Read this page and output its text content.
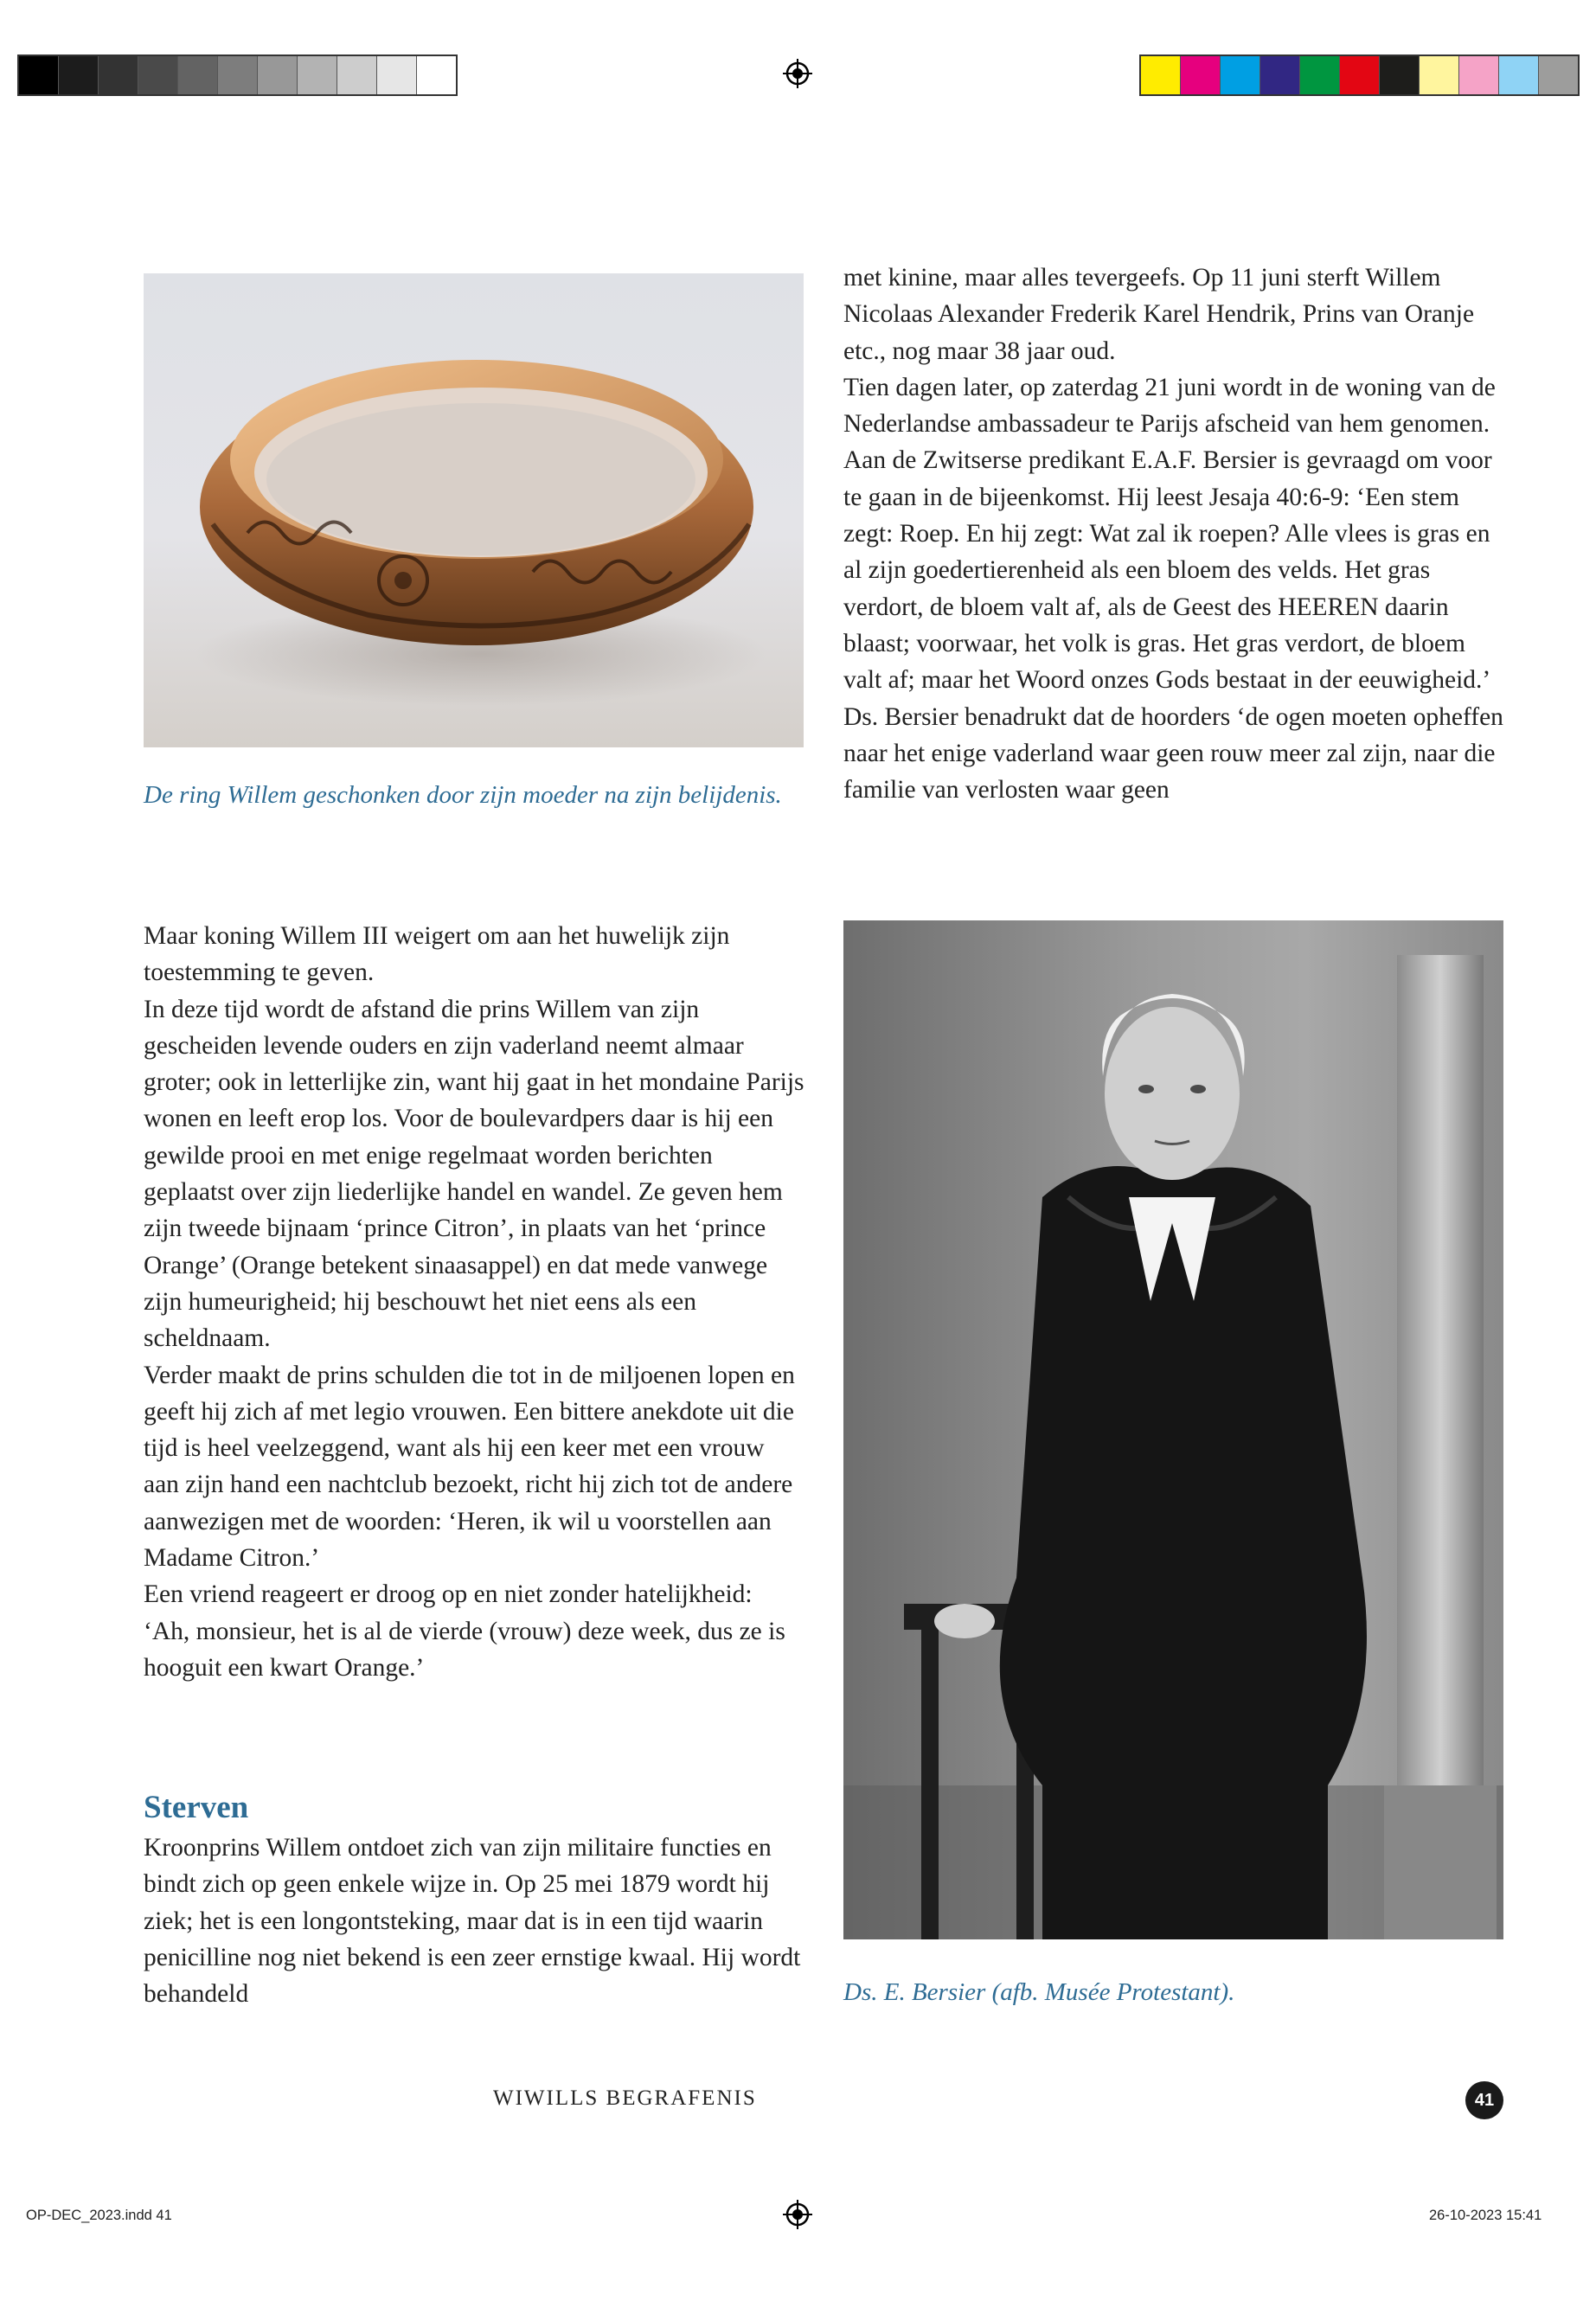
De ring Willem geschonken door zijn moeder na zijn belijdenis.

Maar koning Willem III weigert om aan het huwelijk zijn toestemming te geven.

In deze tijd wordt de afstand die prins Willem van zijn gescheiden levende ouders en zijn vaderland neemt almaar groter; ook in letterlijke zin, want hij gaat in het mondaine Parijs wonen en leeft erop los. Voor de boulevardpers daar is hij een gewilde prooi en met enige regelmaat worden berichten geplaatst over zijn liederlijke handel en wandel. Ze geven hem zijn tweede bijnaam ‘prince Citron’, in plaats van het ‘prince Orange’ (Orange betekent sinaasappel) en dat mede vanwege zijn humeurigheid; hij beschouwt het niet eens als een scheldnaam.

Verder maakt de prins schulden die tot in de miljoenen lopen en geeft hij zich af met legio vrouwen. Een bittere anekdote uit die tijd is heel veelzeggend, want als hij een keer met een vrouw aan zijn hand een nachtclub bezoekt, richt hij zich tot de andere aanwezigen met de woorden: ‘Heren, ik wil u voorstellen aan Madame Citron.’

Een vriend reageert er droog op en niet zonder hatelijkheid: ‘Ah, monsieur, het is al de vierde (vrouw) deze week, dus ze is hooguit een kwart Orange.’

Sterven

Kroonprins Willem ontdoet zich van zijn militaire functies en bindt zich op geen enkele wijze in. Op 25 mei 1879 wordt hij ziek; het is een longontsteking, maar dat is in een tijd waarin penicilline nog niet bekend is een zeer ernstige kwaal. Hij wordt behandeld

met kinine, maar alles tevergeefs. Op 11 juni sterft Willem Nicolaas Alexander Frederik Karel Hendrik, Prins van Oranje etc., nog maar 38 jaar oud.

Tien dagen later, op zaterdag 21 juni wordt in de woning van de Nederlandse ambassadeur te Parijs afscheid van hem genomen. Aan de Zwitserse predikant E.A.F. Bersier is gevraagd om voor te gaan in de bijeenkomst. Hij leest Jesaja 40:6-9: ‘Een stem zegt: Roep. En hij zegt: Wat zal ik roepen? Alle vlees is gras en al zijn goedertierenheid als een bloem des velds. Het gras verdort, de bloem valt af, als de Geest des HEEREN daarin blaast; voorwaar, het volk is gras. Het gras verdort, de bloem valt af; maar het Woord onzes Gods bestaat in der eeuwigheid.’

Ds. Bersier benadrukt dat de hoorders ‘de ogen moeten opheffen naar het enige vaderland waar geen rouw meer zal zijn, naar die familie van verlosten waar geen

Ds. E. Bersier (afb. Musée Protestant).

WIWILLS BEGRAFENIS	41
OP-DEC_2023.indd 41	26-10-2023 15:41
